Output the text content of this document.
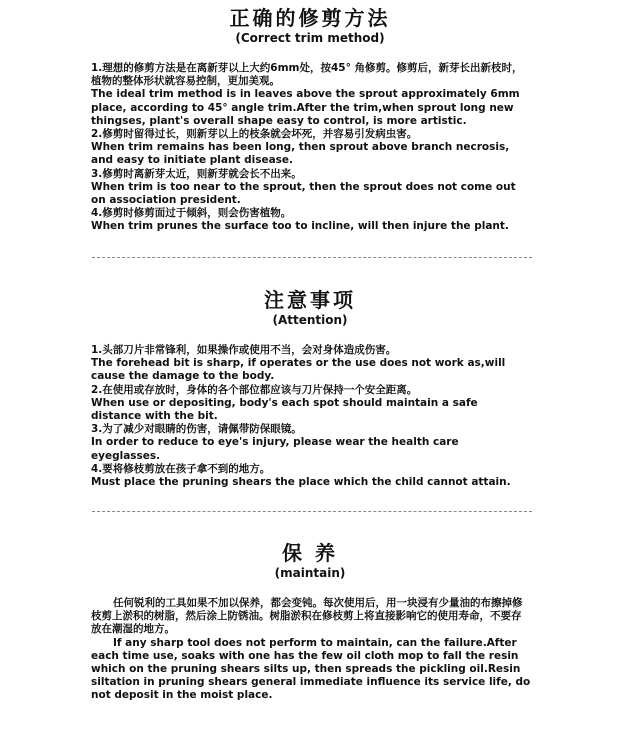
正确的修剪方法
(Correct trim method)

1.理想的修剪方法是在离新芽以上大约6mm处，按45° 角修剪。修剪后，新芽长出新枝时，植物的整体形状就容易控制，更加美观。

The ideal trim method is in leaves above the sprout approximately 6mm place, according to 45° angle trim.After the trim,when sprout long new thingses, plant's overall shape easy to control, is more artistic.

2.修剪时留得过长，则新芽以上的枝条就会坏死，并容易引发病虫害。

When trim remains has been long, then sprout above branch necrosis, and easy to initiate plant disease.

3.修剪时离新芽太近，则新芽就会长不出来。

When trim is too near to the sprout, then the sprout does not come out on association president.

4.修剪时修剪面过于倾斜，则会伤害植物。

When trim prunes the surface too to incline, will then injure the plant.

注意事项
(Attention)

1.头部刀片非常锋利，如果操作或使用不当，会对身体造成伤害。

The forehead bit is sharp, if operates or the use does not work as,will cause the damage to the body.

2.在使用或存放时，身体的各个部位都应该与刀片保持一个安全距离。

When use or depositing, body's each spot should maintain a safe distance with the bit.

3.为了减少对眼睛的伤害，请佩带防保眼镜。

In order to reduce to eye's injury, please wear the health care eyeglasses.

4.要将修枝剪放在孩子拿不到的地方。

Must place the pruning shears the place which the child cannot attain.

保 养
(maintain)

任何锐利的工具如果不加以保养，都会变钝。每次使用后，用一块浸有少量油的布擦掉修枝剪上淤积的树脂，然后涂上防锈油。树脂淤积在修枝剪上将直接影响它的使用寿命，不要存放在潮湿的地方。

If any sharp tool does not perform to maintain, can the failure.After each time use, soaks with one has the few oil cloth mop to fall the resin which on the pruning shears silts up, then spreads the pickling oil.Resin siltation in pruning shears general immediate influence its service life, do not deposit in the moist place.
